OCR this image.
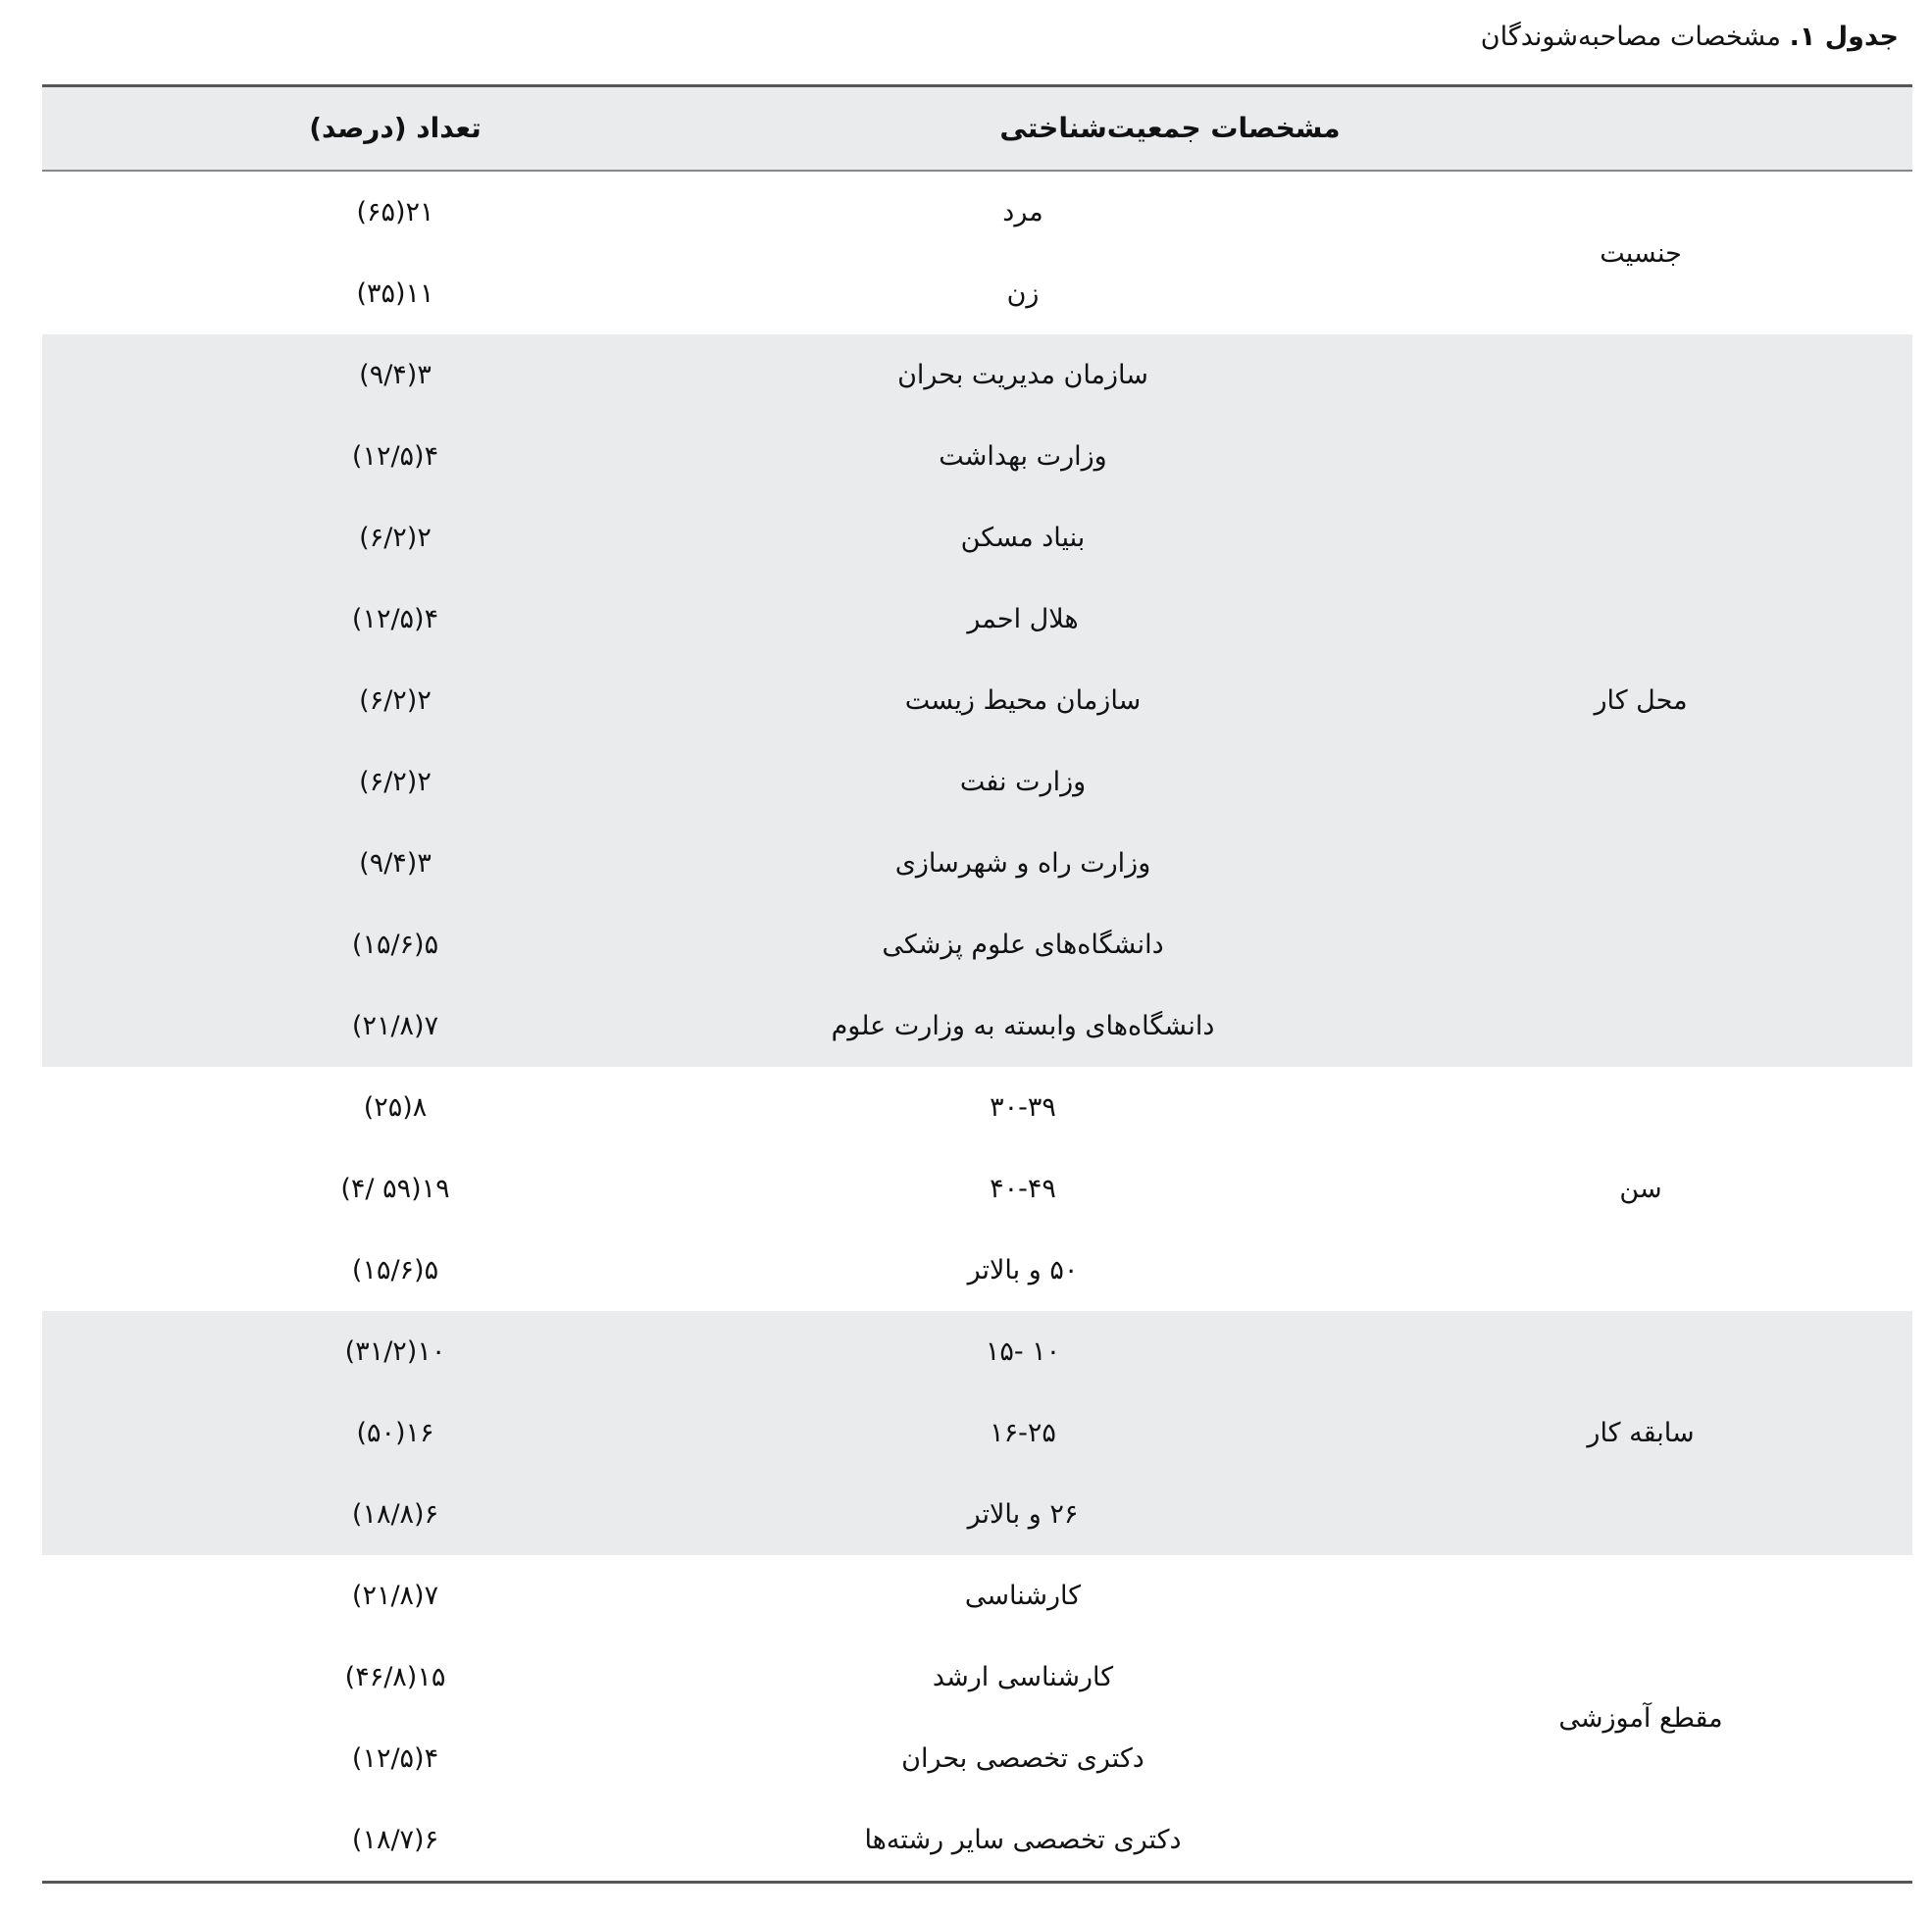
جدول ۱. مشخصات مصاحبه‌شوندگان
مشخصات جمعیت‌شناختی
تعداد (درصد)
جنسیت
مرد
۲۱(۶۵)
زن
۱۱(۳۵)
محل کار
سازمان مدیریت بحران
۳(۹/۴)
وزارت بهداشت
۴(۱۲/۵)
بنیاد مسکن
۲(۶/۲)
هلال احمر
۴(۱۲/۵)
سازمان محیط زیست
۲(۶/۲)
وزارت نفت
۲(۶/۲)
وزارت راه و شهرسازی
۳(۹/۴)
دانشگاه‌های علوم پزشکی
۵(۱۵/۶)
دانشگاه‌های وابسته به وزارت علوم
۷(۲۱/۸)
سن
۳۰-۳۹
۸(۲۵)
۴۰-۴۹
۱۹(۵۹ /۴)
۵۰ و بالاتر
۵(۱۵/۶)
سابقه کار
۱۰ -۱۵
۱۰(۳۱/۲)
۱۶-۲۵
۱۶(۵۰)
۲۶ و بالاتر
۶(۱۸/۸)
مقطع آموزشی
کارشناسی
۷(۲۱/۸)
کارشناسی ارشد
۱۵(۴۶/۸)
دکتری تخصصی بحران
۴(۱۲/۵)
دکتری تخصصی سایر رشته‌ها
۶(۱۸/۷)
